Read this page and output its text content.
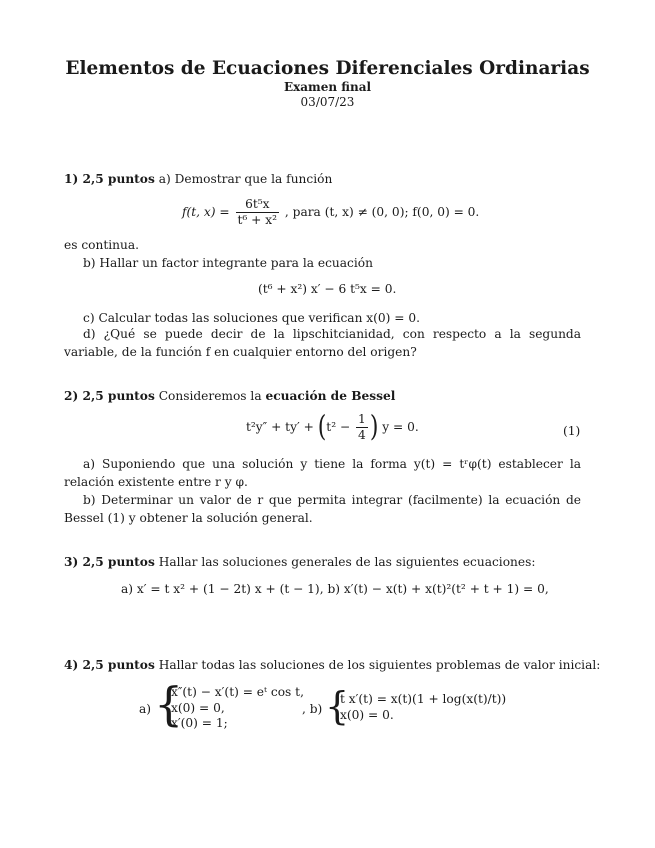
Elementos de Ecuaciones Diferenciales Ordinarias
Examen final
03/07/23
1) 2,5 puntos a) Demostrar que la función
f(t, $x) = \frac{\text{6t⁵x}}{\text{t⁶ + x²}}$ , para (t, x) ≠ (0, 0); f(0, 0) = 0.
es continua.
b) Hallar un factor integrante para la ecuación
(t⁶ + x²) x′ − 6 t⁵x = 0.
c) Calcular todas las soluciones que verifican x(0) = 0.
d) ¿Qué se puede decir de la lipschitcianidad, con respecto a la segunda variable, de la función f en cualquier entorno del origen?
2) 2,5 puntos Consideremos la ecuación de Bessel
$t^2y'' + ty' + (t^2 - \frac{1}{4}$ ) y = 0.	(1)
a) Suponiendo que una solución y tiene la forma y(t) = tʳφ(t) establecer la relación existente entre r y φ.
b) Determinar un valor de r que permita integrar (facilmente) la ecuación de Bessel (1) y obtener la solución general.
3) 2,5 puntos Hallar las soluciones generales de las siguientes ecuaciones:
a) x′ = t x² + (1 − 2t) x + (t − 1), b) x′(t) − x(t) + x(t)²(t² + t + 1) = 0,
4) 2,5 puntos Hallar todas las soluciones de los siguientes problemas de valor inicial:
a) {
x″(t) − x′(t) = eᵗ cos t,
x(0) = 0,
x′(0) = 1;
, b) {
t x′(t) = x(t)(1 + log(x(t)/t))
x(0) = 0.
